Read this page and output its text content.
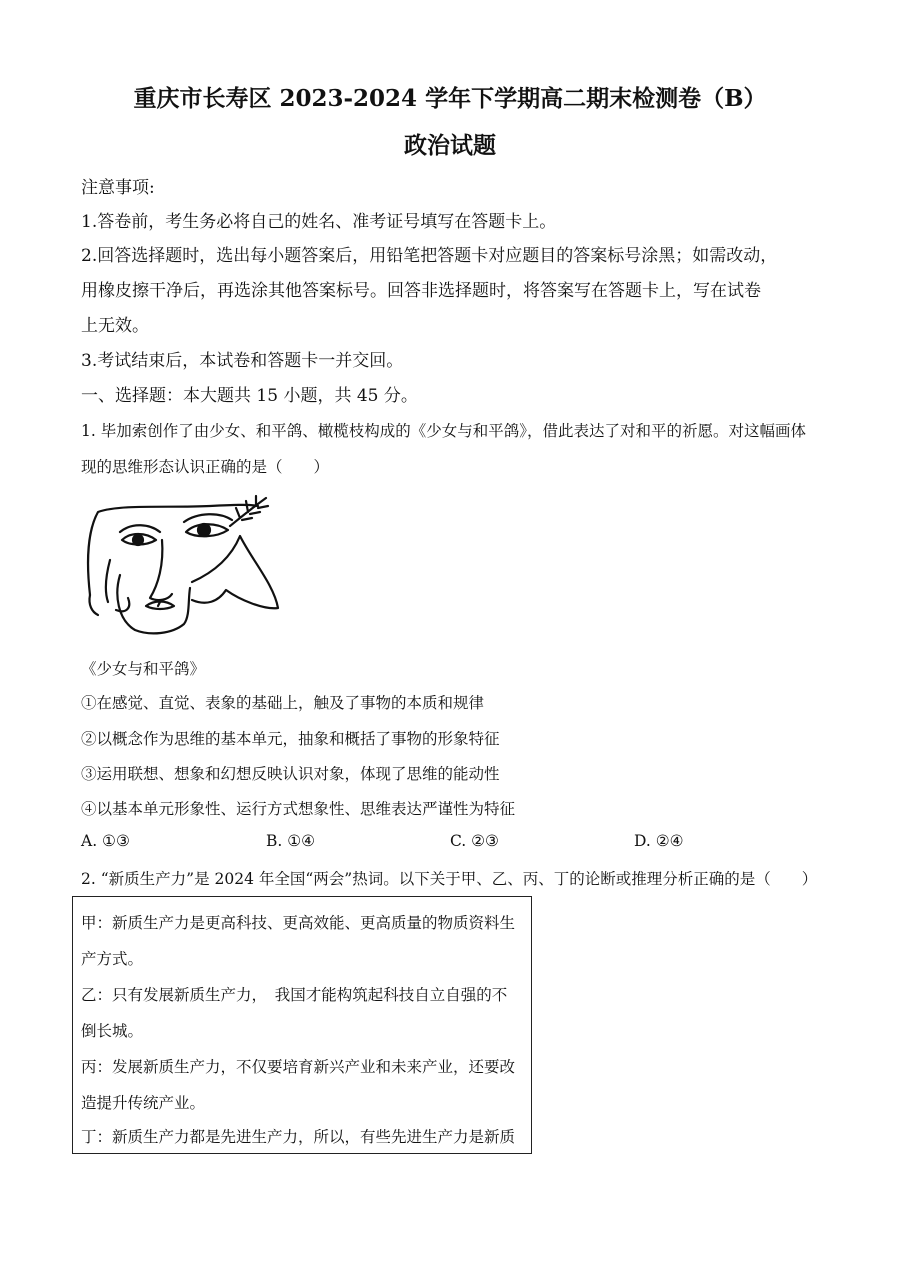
重庆市长寿区 2023-2024 学年下学期高二期末检测卷（B）
政治试题
注意事项:
1.答卷前，考生务必将自己的姓名、准考证号填写在答题卡上。
2.回答选择题时，选出每小题答案后，用铅笔把答题卡对应题目的答案标号涂黑；如需改动，
用橡皮擦干净后，再选涂其他答案标号。回答非选择题时，将答案写在答题卡上，写在试卷
上无效。
3.考试结束后，本试卷和答题卡一并交回。
一、选择题：本大题共 15 小题，共 45 分。
1. 毕加索创作了由少女、和平鸽、橄榄枝构成的《少女与和平鸽》，借此表达了对和平的祈愿。对这幅画体
现的思维形态认识正确的是（　　）
《少女与和平鸽》
①在感觉、直觉、表象的基础上，触及了事物的本质和规律
②以概念作为思维的基本单元，抽象和概括了事物的形象特征
③运用联想、想象和幻想反映认识对象，体现了思维的能动性
④以基本单元形象性、运行方式想象性、思维表达严谨性为特征
A. ①③	B. ①④	C. ②③	D. ②④
2. “新质生产力”是 2024 年全国“两会”热词。以下关于甲、乙、丙、丁的论断或推理分析正确的是（　　）
甲：新质生产力是更高科技、更高效能、更高质量的物质资料生
产方式。
乙：只有发展新质生产力，　我国才能构筑起科技自立自强的不
倒长城。
丙：发展新质生产力，不仅要培育新兴产业和未来产业，还要改
造提升传统产业。
丁：新质生产力都是先进生产力，所以，有些先进生产力是新质
